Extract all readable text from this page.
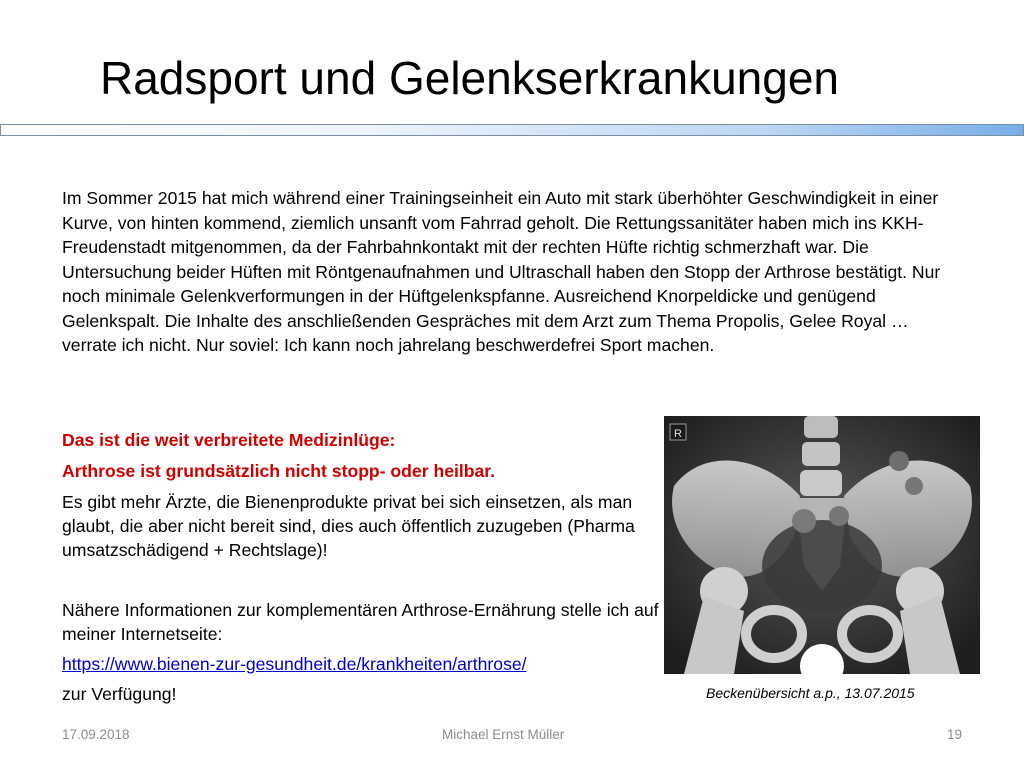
Radsport und Gelenkserkrankungen

Im Sommer 2015 hat mich während einer Trainingseinheit ein Auto mit stark überhöhter Geschwindigkeit in einer Kurve, von hinten kommend, ziemlich unsanft vom Fahrrad geholt. Die Rettungssanitäter haben mich ins KKH-Freudenstadt mitgenommen, da der Fahrbahnkontakt mit der rechten Hüfte richtig schmerzhaft war. Die Untersuchung beider Hüften mit Röntgenaufnahmen und Ultraschall haben den Stopp der Arthrose bestätigt. Nur noch minimale Gelenkverformungen in der Hüftgelenkspfanne. Ausreichend Knorpeldicke und genügend Gelenkspalt. Die Inhalte des anschließenden Gespräches mit dem Arzt zum Thema Propolis, Gelee Royal … verrate ich nicht. Nur soviel: Ich kann noch jahrelang beschwerdefrei Sport machen.

Das ist die weit verbreitete Medizinlüge:
Arthrose ist grundsätzlich nicht stopp- oder heilbar.

Es gibt mehr Ärzte, die Bienenprodukte privat bei sich einsetzen, als man glaubt, die aber nicht bereit sind, dies auch öffentlich zuzugeben (Pharma umsatzschädigend + Rechtslage)!

Nähere Informationen zur komplementären Arthrose-Ernährung stelle ich auf meiner Internetseite:

https://www.bienen-zur-gesundheit.de/krankheiten/arthrose/
zur Verfügung!
R
Beckenübersicht a.p., 13.07.2015
17.09.2018	Michael Ernst Müller	19
